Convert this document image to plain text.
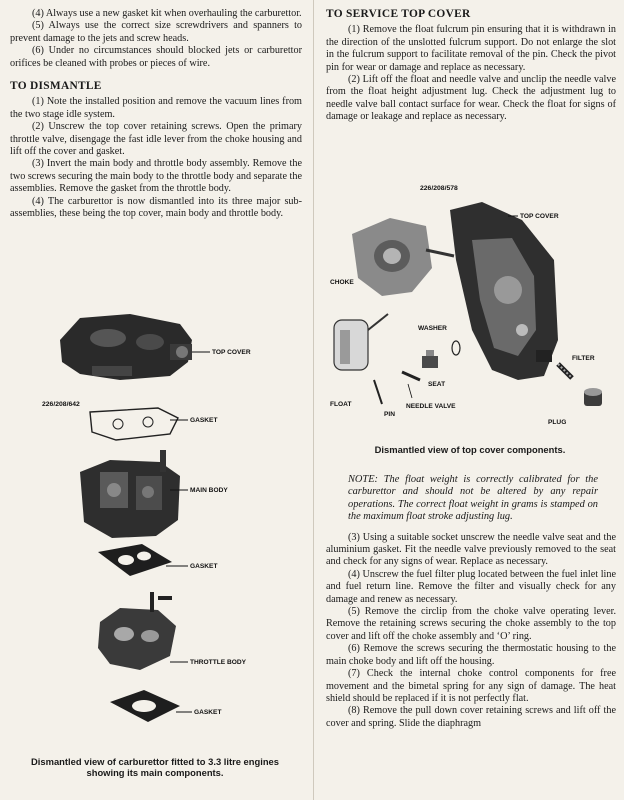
(4) Always use a new gasket kit when overhauling the carburettor.

(5) Always use the correct size screwdrivers and spanners to prevent damage to the jets and screw heads.

(6) Under no circumstances should blocked jets or carburettor orifices be cleaned with probes or pieces of wire.

TO DISMANTLE

(1) Note the installed position and remove the vacuum lines from the two stage idle system.

(2) Unscrew the top cover retaining screws. Open the primary throttle valve, disengage the fast idle lever from the choke housing and lift off the cover and gasket.

(3) Invert the main body and throttle body assembly. Remove the two screws securing the main body to the throttle body and separate the assemblies. Remove the gasket from the throttle body.

(4) The carburettor is now dismantled into its three major sub-assemblies, these being the top cover, main body and throttle body.

TOP COVER
226/208/642
GASKET
MAIN BODY
GASKET
THROTTLE BODY
GASKET
Dismantled view of carburettor fitted to 3.3 litre engines
showing its main components.
TO SERVICE TOP COVER

(1) Remove the float fulcrum pin ensuring that it is withdrawn in the direction of the unslotted fulcrum support. Do not enlarge the slot in the fulcrum support to facilitate removal of the pin. Check the pivot pin for wear or damage and replace as necessary.

(2) Lift off the float and needle valve and unclip the needle valve from the float height adjustment lug. Check the adjustment lug to needle valve ball contact surface for wear. Check the float for signs of damage or leakage and replace as necessary.

226/208/578
TOP COVER
CHOKE
FLOAT
PIN
NEEDLE VALVE
SEAT
WASHER
FILTER
PLUG
Dismantled view of top cover components.

NOTE: The float weight is correctly calibrated for the carburettor and should not be altered by any repair operations. The correct float weight in grams is stamped on the maximum float stroke adjusting lug.

(3) Using a suitable socket unscrew the needle valve seat and the aluminium gasket. Fit the needle valve previously removed to the seat and check for any signs of wear. Replace as necessary.

(4) Unscrew the fuel filter plug located between the fuel inlet line and fuel return line. Remove the filter and visually check for any damage and renew as necessary.

(5) Remove the circlip from the choke valve operating lever. Remove the retaining screws securing the choke assembly to the top cover and lift off the choke assembly and ‘O’ ring.

(6) Remove the screws securing the thermostatic housing to the main choke body and lift off the housing.

(7) Check the internal choke control components for free movement and the bimetal spring for any sign of damage. The heat shield should be replaced if it is not perfectly flat.

(8) Remove the pull down cover retaining screws and lift off the cover and spring. Slide the diaphragm
